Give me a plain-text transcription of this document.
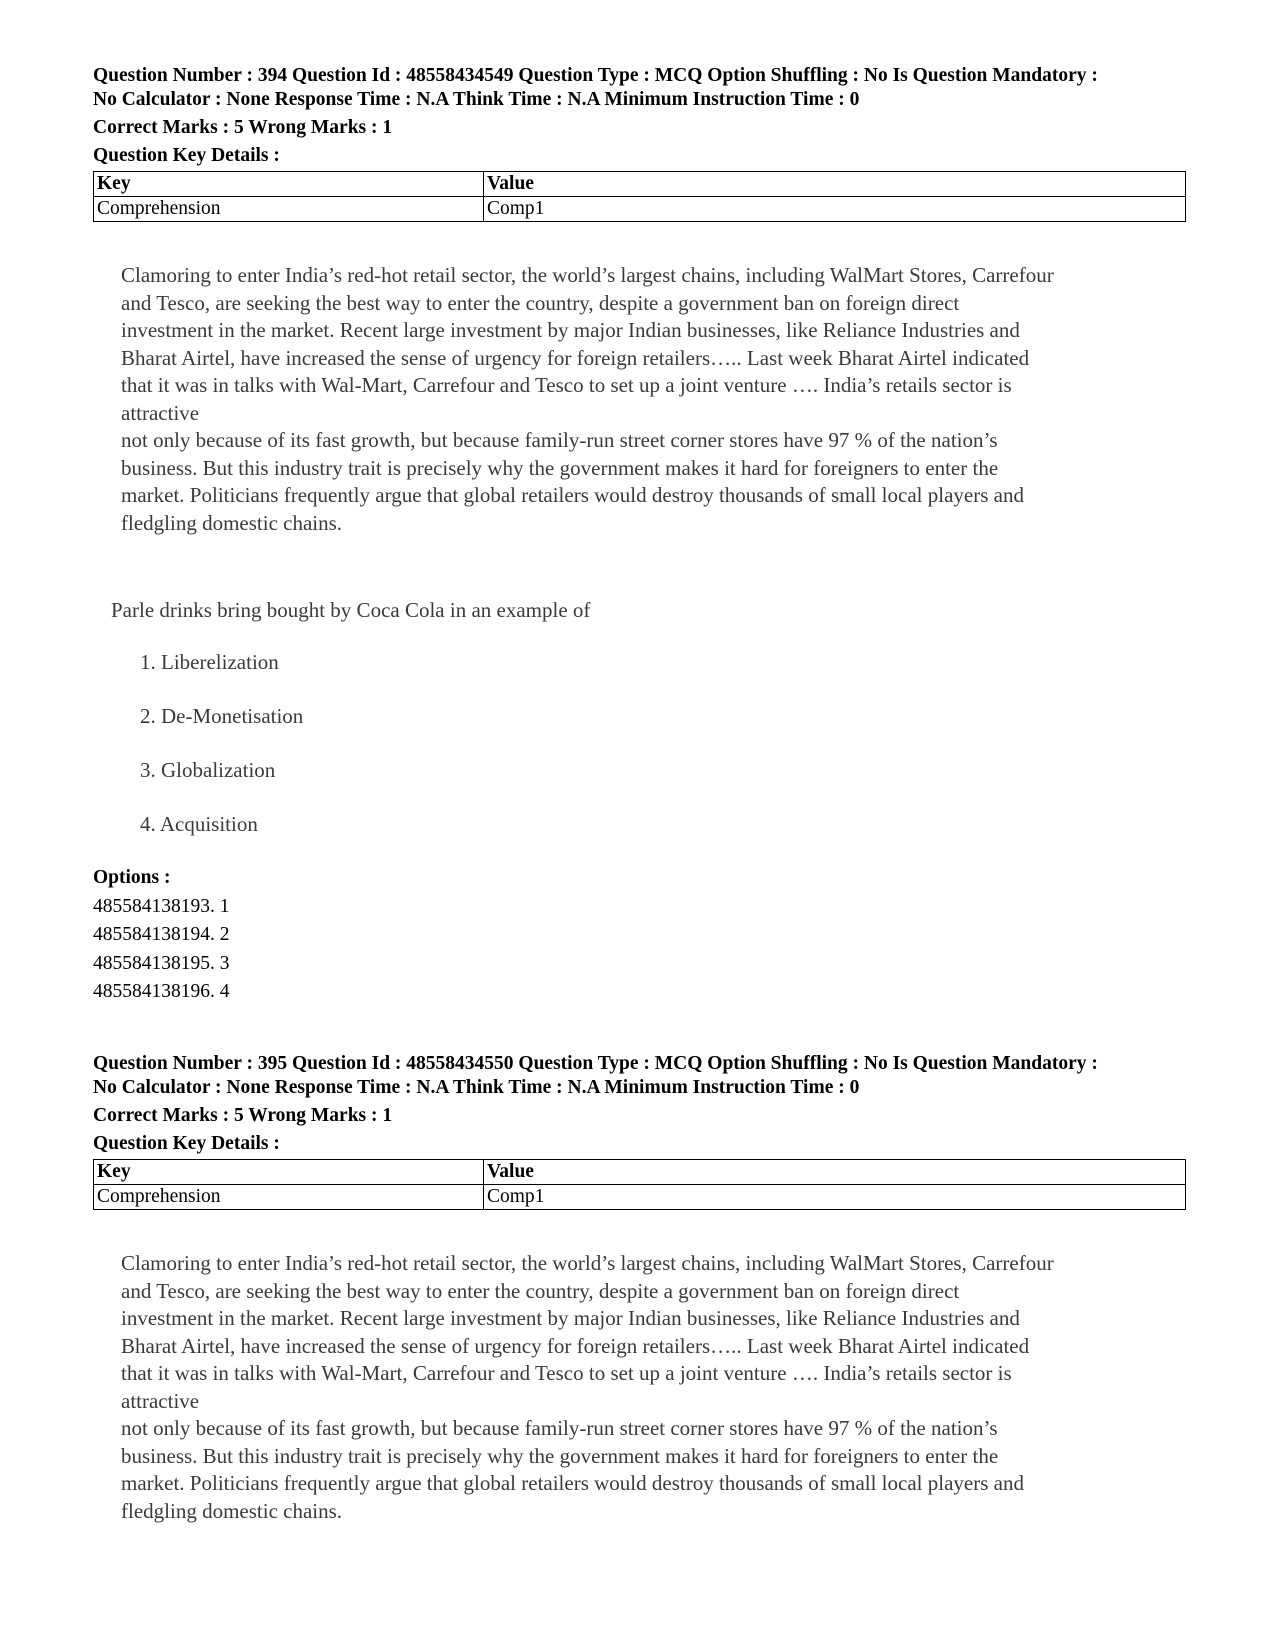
Question Number : 394 Question Id : 48558434549 Question Type : MCQ Option Shuffling : No Is Question Mandatory :
No Calculator : None Response Time : N.A Think Time : N.A Minimum Instruction Time : 0
Correct Marks : 5 Wrong Marks : 1
Question Key Details :
Key	Value
Comprehension	Comp1
Clamoring to enter India’s red-hot retail sector, the world’s largest chains, including WalMart Stores, Carrefour
and Tesco, are seeking the best way to enter the country, despite a government ban on foreign direct
investment in the market. Recent large investment by major Indian businesses, like Reliance Industries and
Bharat Airtel, have increased the sense of urgency for foreign retailers….. Last week Bharat Airtel indicated
that it was in talks with Wal-Mart, Carrefour and Tesco to set up a joint venture …. India’s retails sector is
attractive
not only because of its fast growth, but because family-run street corner stores have 97 % of the nation’s
business. But this industry trait is precisely why the government makes it hard for foreigners to enter the
market. Politicians frequently argue that global retailers would destroy thousands of small local players and
fledgling domestic chains.
Parle drinks bring bought by Coca Cola in an example of
1. Liberelization
2. De-Monetisation
3. Globalization
4. Acquisition
Options :
485584138193. 1
485584138194. 2
485584138195. 3
485584138196. 4
Question Number : 395 Question Id : 48558434550 Question Type : MCQ Option Shuffling : No Is Question Mandatory :
No Calculator : None Response Time : N.A Think Time : N.A Minimum Instruction Time : 0
Correct Marks : 5 Wrong Marks : 1
Question Key Details :
Key	Value
Comprehension	Comp1
Clamoring to enter India’s red-hot retail sector, the world’s largest chains, including WalMart Stores, Carrefour
and Tesco, are seeking the best way to enter the country, despite a government ban on foreign direct
investment in the market. Recent large investment by major Indian businesses, like Reliance Industries and
Bharat Airtel, have increased the sense of urgency for foreign retailers….. Last week Bharat Airtel indicated
that it was in talks with Wal-Mart, Carrefour and Tesco to set up a joint venture …. India’s retails sector is
attractive
not only because of its fast growth, but because family-run street corner stores have 97 % of the nation’s
business. But this industry trait is precisely why the government makes it hard for foreigners to enter the
market. Politicians frequently argue that global retailers would destroy thousands of small local players and
fledgling domestic chains.
